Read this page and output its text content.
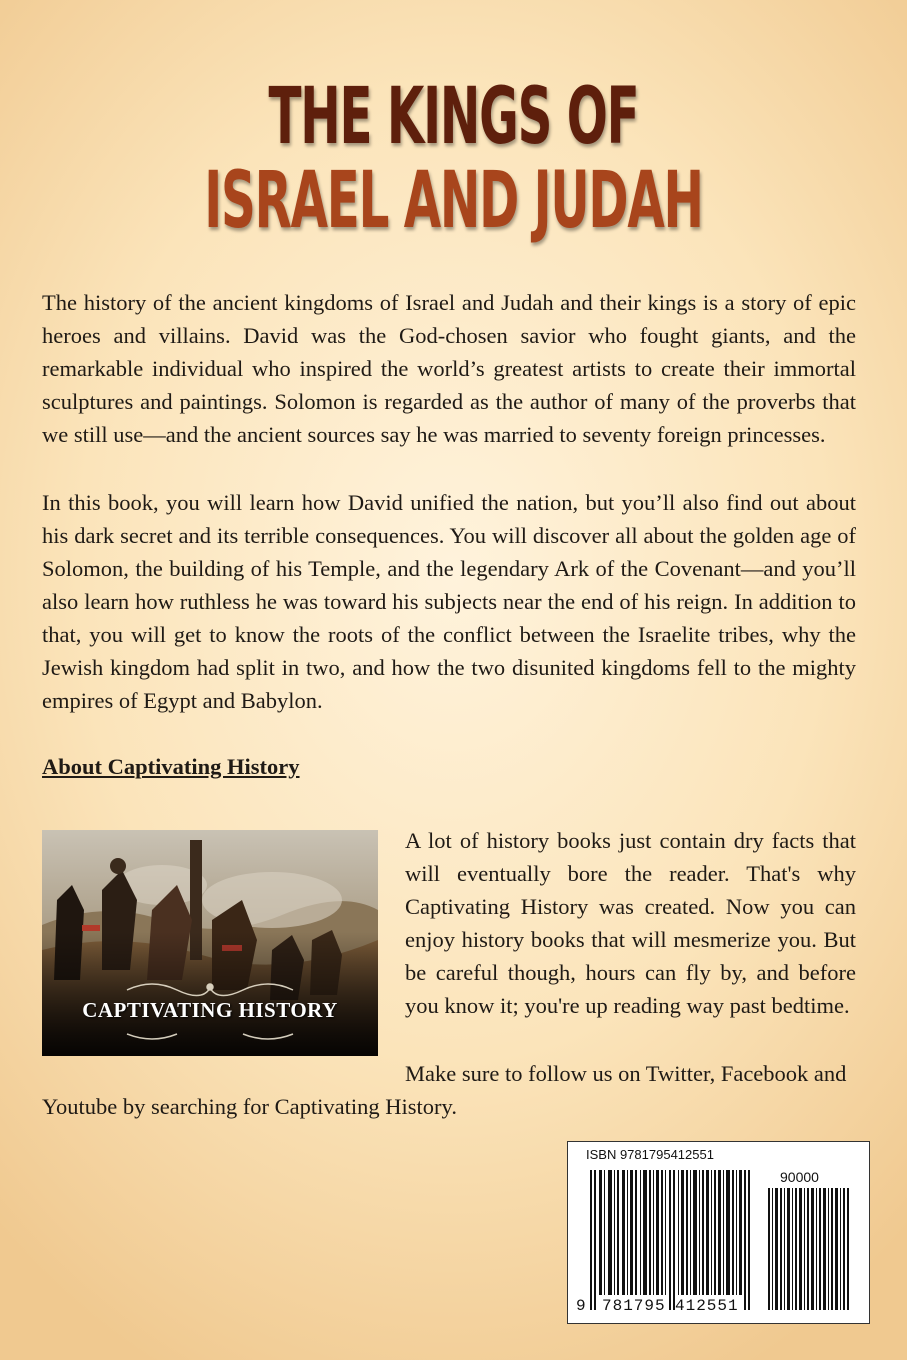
THE KINGS OF
ISRAEL AND JUDAH

The history of the ancient kingdoms of Israel and Judah and their kings is a story of epic heroes and villains. David was the God-chosen savior who fought giants, and the remarkable individual who inspired the world’s greatest artists to create their immortal sculptures and paintings. Solomon is regarded as the author of many of the proverbs that we still use—and the ancient sources say he was married to seventy foreign princesses.

In this book, you will learn how David unified the nation, but you’ll also find out about his dark secret and its terrible consequences. You will discover all about the golden age of Solomon, the building of his Temple, and the legendary Ark of the Covenant—and you’ll also learn how ruthless he was toward his subjects near the end of his reign. In addition to that, you will get to know the roots of the conflict between the Israelite tribes, why the Jewish kingdom had split in two, and how the two disunited kingdoms fell to the mighty empires of Egypt and Babylon.

About Captivating History
CAPTIVATING HISTORY

A lot of history books just contain dry facts that will eventually bore the reader. That's why Captivating History was created. Now you can enjoy history books that will mesmerize you. But be careful though, hours can fly by, and before you know it; you're up reading way past bedtime.

Make sure to follow us on Twitter, Facebook and

Youtube by searching for Captivating History.

ISBN 9781795412551
90000
9 781795 412551
